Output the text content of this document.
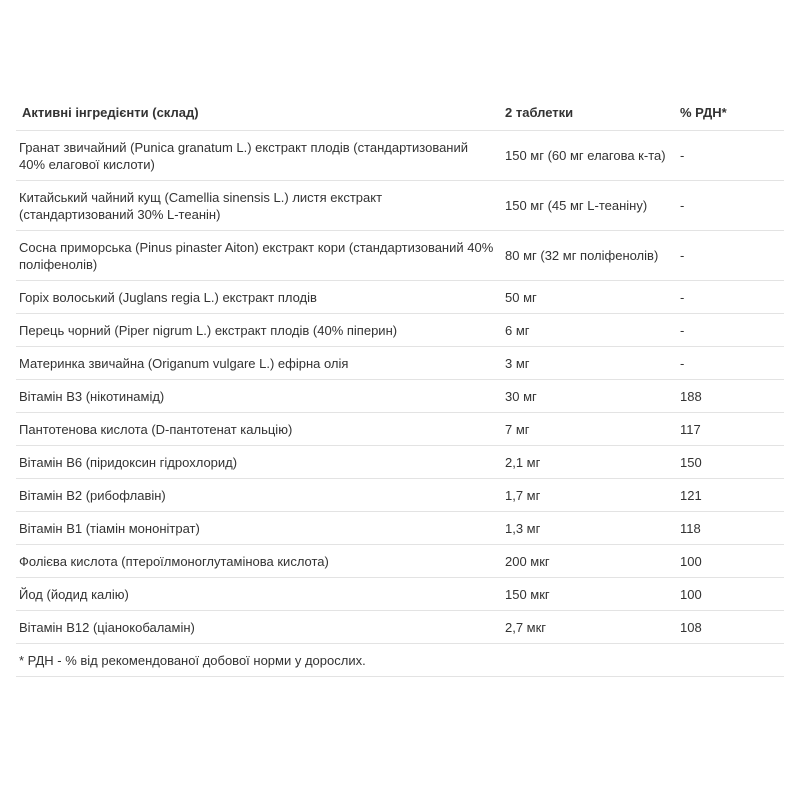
Активні інгредієнти (склад)	2 таблетки	% РДН*
Гранат звичайний (Punica granatum L.) екстракт плодів (стандартизований 40% елагової кислоти)	150 мг (60 мг елагова к-та)	-
Китайський чайний кущ (Camellia sinensis L.) листя екстракт (стандартизований 30% L-теанін)	150 мг (45 мг L-теаніну)	-
Сосна приморська (Pinus pinaster Aiton) екстракт кори (стандартизований 40% поліфенолів)	80 мг (32 мг поліфенолів)	-
Горіх волоський (Juglans regia L.) екстракт плодів	50 мг	-
Перець чорний (Piper nigrum L.) екстракт плодів (40% піперин)	6 мг	-
Материнка звичайна (Origanum vulgare L.) ефірна олія	3 мг	-
Вітамін В3 (нікотинамід)	30 мг	188
Пантотенова кислота (D-пантотенат кальцію)	7 мг	117
Вітамін В6 (піридоксин гідрохлорид)	2,1 мг	150
Вітамін В2 (рибофлавін)	1,7 мг	121
Вітамін В1 (тіамін мононітрат)	1,3 мг	118
Фолієва кислота (птероїлмоноглутамінова кислота)	200 мкг	100
Йод (йодид калію)	150 мкг	100
Вітамін В12 (ціанокобаламін)	2,7 мкг	108
* РДН - % від рекомендованої добової норми у дорослих.
